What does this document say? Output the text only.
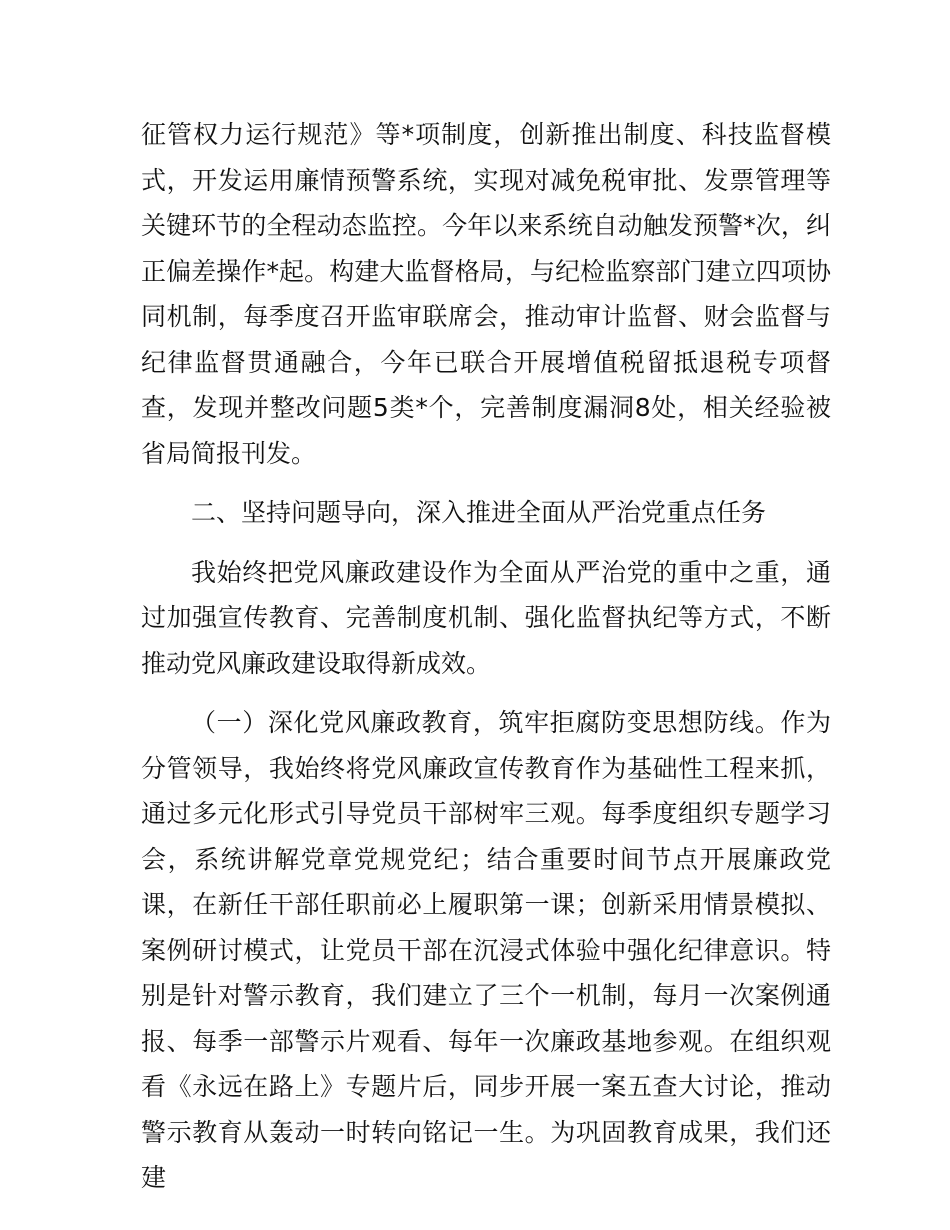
征管权力运行规范》等*项制度，创新推出制度、科技监督模式，开发运用廉情预警系统，实现对减免税审批、发票管理等关键环节的全程动态监控。今年以来系统自动触发预警*次，纠正偏差操作*起。构建大监督格局，与纪检监察部门建立四项协同机制，每季度召开监审联席会，推动审计监督、财会监督与纪律监督贯通融合，今年已联合开展增值税留抵退税专项督查，发现并整改问题5类*个，完善制度漏洞8处，相关经验被省局简报刊发。

二、坚持问题导向，深入推进全面从严治党重点任务

我始终把党风廉政建设作为全面从严治党的重中之重，通过加强宣传教育、完善制度机制、强化监督执纪等方式，不断推动党风廉政建设取得新成效。

（一）深化党风廉政教育，筑牢拒腐防变思想防线。作为分管领导，我始终将党风廉政宣传教育作为基础性工程来抓，通过多元化形式引导党员干部树牢三观。每季度组织专题学习会，系统讲解党章党规党纪；结合重要时间节点开展廉政党课，在新任干部任职前必上履职第一课；创新采用情景模拟、案例研讨模式，让党员干部在沉浸式体验中强化纪律意识。特别是针对警示教育，我们建立了三个一机制，每月一次案例通报、每季一部警示片观看、每年一次廉政基地参观。在组织观看《永远在路上》专题片后，同步开展一案五查大讨论，推动警示教育从轰动一时转向铭记一生。为巩固教育成果，我们还建
